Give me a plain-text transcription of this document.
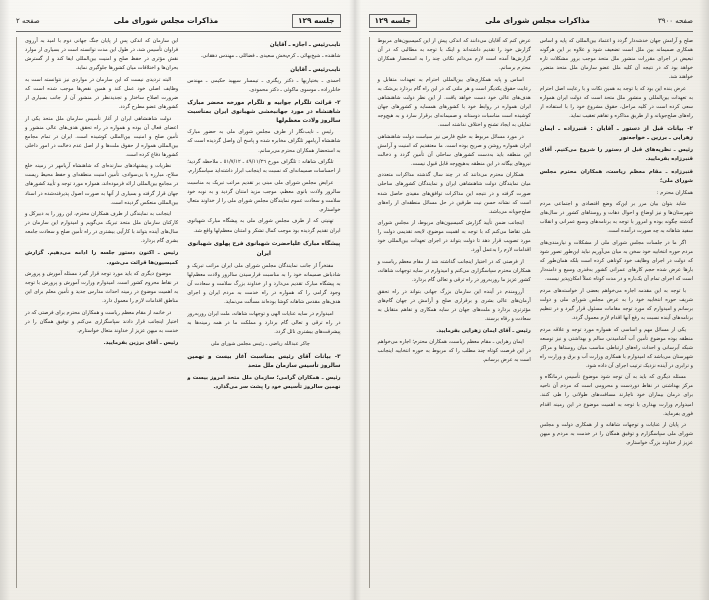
صفحه ٣٩٠٠
مذاکرات مجلس شورای ملی
جلسه ١٢٩

صلح و آرامش جهان خدشه‌دار گردد و اعتماد بین‌المللی که پایه و اساس همکاری صمیمانه بین ملل است تضعیف شود و علاوه بر این هرگونه تبعیض در اجرای مقررات منشور ملل متحد موجب بروز مشکلات تازه خواهد بود که در نتیجه آن کلیه ملل عضو سازمان ملل متحد متضرر خواهند شد.

عرض بنده این بود که با توجه به همین نکات و با رعایت اصل احترام به تعهدات بین‌المللی و منشور ملل متحد است که دولت ایران همواره سعی کرده است در کلیه مراحل، حقوق مشروع خود را با استفاده از راه‌های صلح‌جویانه و از طریق مذاکره و تفاهم تعقیب نماید.

٢- بیانات قبل از دستور ـ آقایان : قنبرزاده ـ ایمان زهرایی ـ برزین ـ خواجه‌نور

رئیس ـ نظریه‌های قبل از دستور را شروع می‌کنیم. آقای قنبرزاده بفرمایید.

قنبرزاده ـ مقام معظم ریاست، همکاران محترم مجلس شورای ملی؛

همکاران محترم :

شاید بتوان بیان مرز بر این‌که وضع اقتصادی و اجتماعی مردم شهرستان‌ها و نیز اوضاع و احوال دهات و روستاهای کشور در سال‌های گذشته چگونه بوده و امروز با توجه به برنامه‌های وسیع عمرانی و انقلاب سفید شاهانه به چه صورت درآمده است.

اگر ما در جلسات مجلس شورای ملی از مشکلات و نیازمندی‌های مردم حوزه انتخابیه خود سخن به میان می‌آوریم نباید این‌طور تصور شود که دولت در اجرای وظایف خود کوتاهی کرده است بلکه همان‌طور که بارها عرض شده حجم کارهای عمرانی کشور به‌قدری وسیع و دامنه‌دار است که اجرای تمام آن یک‌باره و در مدت کوتاه عملاً امکان‌پذیر نیست.

با توجه به این مقدمه اجازه می‌خواهم بعضی از خواسته‌های مردم شریف حوزه انتخابیه خود را به عرض مجلس شورای ملی و دولت برسانم و امیدوارم که مورد توجه مقامات مسئول قرار گیرد و در تنظیم برنامه‌های آینده نسبت به رفع آنها اقدام لازم معمول گردد.

یکی از مسائل مهم و اساسی که همواره مورد توجه و علاقه مردم منطقه بوده موضوع تأمین آب آشامیدنی سالم و بهداشتی و نیز توسعه شبکه آبرسانی و احداث راه‌های ارتباطی مناسب میان روستاها و مراکز شهرستان می‌باشد که امیدوارم با همکاری وزارت آب و برق و وزارت راه و ترابری در آینده نزدیک ترتیب اجرای آن داده شود.

مسئله دیگری که باید به آن توجه شود موضوع تأسیس درمانگاه و مرکز بهداشتی در نقاط دوردست و محرومی است که مردم آن ناحیه برای درمان بیماران خود ناچارند مسافت‌های طولانی را طی کنند. امیدوارم وزارت بهداری با توجه به اهمیت موضوع در این زمینه اقدام فوری بفرماید.

در پایان از عنایات و توجهات شاهانه و از همکاری دولت و مجلس شورای ملی سپاسگزارم و توفیق همگان را در خدمت به مردم و میهن عزیز از خداوند بزرگ خواستارم.

عرض کنم که آقایان می‌دانند که اندکی پیش از این کمیسیون‌های مربوط گزارش خود را تقدیم داشته‌اند و اینک با توجه به مطالبی که در آن گزارش‌ها آمده است لازم می‌دانم نکاتی چند را به استحضار همکاران محترم برسانم.

اساس و پایه همکاری‌های بین‌المللی احترام به تعهدات متقابل و رعایت حقوق یکدیگر است و هر ملتی که در این راه گام بردارد بی‌شک به هدف‌های عالی خود دست خواهد یافت. از این نظر دولت شاهنشاهی ایران همواره در روابط خود با کشورهای همسایه و کشورهای جهان کوشیده است مناسبات دوستانه و صمیمانه‌ای برقرار سازد و به هیچ‌وجه تمایلی به ایجاد تشنج و اختلاف نداشته است.

در مورد مسائل مربوط به خلیج فارس نیز سیاست دولت شاهنشاهی ایران همواره روشن و صریح بوده است. ما معتقدیم که امنیت و آرامش این منطقه باید به‌دست کشورهای ساحلی آن تأمین گردد و دخالت نیروهای بیگانه در این منطقه به‌هیچ‌وجه قابل قبول نیست.

همکاران محترم می‌دانند که در چند سال گذشته مذاکرات متعددی میان نمایندگان دولت شاهنشاهی ایران و نمایندگان کشورهای ساحلی صورت گرفته و در نتیجه این مذاکرات توافق‌های مفیدی حاصل شده است که نشانه حسن نیت طرفین در حل مسائل منطقه‌ای از راه‌های صلح‌جویانه می‌باشد.

اینجانب ضمن تأیید گزارش کمیسیون‌های مربوط، از مجلس شورای ملی تقاضا می‌کنم که با توجه به اهمیت موضوع، لایحه تقدیمی دولت را مورد تصویب قرار دهد تا دولت بتواند در اجرای تعهدات بین‌المللی خود اقدامات لازم را به‌عمل آورد.

از فرصتی که در اختیار اینجانب گذاشته شد از مقام معظم ریاست و همکاران محترم سپاسگزاری می‌کنم و امیدوارم در سایه توجهات شاهانه، کشور عزیز ما روز‌به‌روز در راه ترقی و تعالی گام بردارد.

آرزومندم در آینده این سازمان بزرگ جهانی بتواند در راه تحقق آرمان‌های عالی بشری و برقراری صلح و آرامش در جهان گام‌های مؤثرتری بردارد و ملت‌های جهان در سایه همکاری و تفاهم متقابل به سعادت و رفاه برسند.

رئیس ـ آقای ایمان زهرایی بفرمایید.

ایمان زهرایی ـ مقام معظم ریاست، همکاران محترم؛ اجازه می‌خواهم در این فرصت کوتاه چند مطلب را که مربوط به حوزه انتخابیه اینجانب است به عرض برسانم.

جلسه ١٢٩
مذاکرات مجلس شورای ملی
صفحه ٢

نایب‌رئیس ـ اجازه ـ آقایان

شاهنده ـ شیخ‌بهائی ـ کرم‌بخش سعیدی ـ فضائلی ـ مهندس دهقانی.

نایب‌رئیس ـ آقایان

احمدی ـ بختیاریها ـ دکتر ریگنری ـ تیمسار سپهبد حکیمی ـ مهندس خانلرزاده ـ موسوی ماکوئی ـ دکتر محمودی.

٢- قرائت تلگرام جوابیه و تلگرام مورخه محضر مبارک شاهنشاه در مورد جهانبخشی شهبانوی ایران بمناسبت سالروز ولادت معظم‌لها

رئیس ـ نایب‌نگار از طرف مجلس شورای ملی به حضور مبارک شاهنشاه آریامهر تلگراف مخابره شده و پاسخ آن واصل گردیده است که به استحضار همکاران محترم می‌رسانم.

تلگراف شاهانه : تلگراف مورخ ٤٩/١١/٢٦ ـ ٥١/٧/١٢ ـ ملاحظه گردید؛ از احساسات صمیمانه‌ای که نسبت به اینجانب ابراز داشته‌اید سپاسگزارم.

عرایض مجلس شورای ملی مبنی بر تقدیم مراتب تبریک به مناسبت سالروز ولادت بانوی معظم، موجب مزید امتنان گردید و به نوبه خود سلامت و سعادت عموم نمایندگان مجلس شورای ملی را از خداوند متعال خواستارم.

تهنیتی که از طرف مجلس شورای ملی به پیشگاه مبارک شهبانوی ایران تقدیم گردیده بود موجب کمال تشکر و امتنان معظم‌لها واقع شد.

پیشگاه مبارک علیاحضرت شهبانوی فرح پهلوی شهبانوی ایران

مفتخراً از جانب نمایندگان مجلس شورای ملی ایران مراتب تبریک و شادباش صمیمانه خود را به مناسبت فرارسیدن سالروز ولادت معظم‌لها به پیشگاه مبارک تقدیم می‌دارد و از خداوند بزرگ سلامت و سعادت آن وجود گرامی را که همواره در راه خدمت به مردم ایران و اجرای هدف‌های مقدس شاهانه کوشا بوده‌اند مسألت می‌نماید.

امیدوارم در سایه عنایات الهی و توجهات شاهانه، ملت ایران روز‌به‌روز در راه ترقی و تعالی گام بردارد و مملکت ما در همه زمینه‌ها به پیشرفت‌های بیشتری نائل گردد.

چاکر عبدالله ریاضی ـ رئیس مجلس شورای ملی

٣- بیانات آقای رئیس بمناسبت آغاز بیست و نهمین سالروز تأسیس سازمان ملل متحد

رئیس ـ همکاران گرامی؛ سازمان ملل متحد امروز بیست و نهمین سالروز تأسیس خود را پشت سر می‌گذارد.

این سازمان که اندکی پس از پایان جنگ جهانی دوم با امید به آرزوی فراوان تأسیس شد، در طول این مدت توانسته است در بسیاری از موارد نقش مؤثری در حفظ صلح و امنیت بین‌المللی ایفا کند و از گسترش بحران‌ها و اختلافات میان کشورها جلوگیری نماید.

البته تردیدی نیست که این سازمان در مواردی نیز نتوانسته است به وظایف اصلی خود عمل کند و همین نقص‌ها موجب شده است که ضرورت اصلاح ساختار و تجدیدنظر در منشور آن از جانب بسیاری از کشورهای عضو مطرح گردد.

دولت شاهنشاهی ایران از آغاز تأسیس سازمان ملل متحد یکی از اعضای فعال آن بوده و همواره در راه تحقق هدف‌های عالی منشور و تأمین صلح و امنیت بین‌المللی کوشیده است. ایران در تمام مجامع بین‌المللی همواره از حقوق ملت‌ها و از اصل عدم دخالت در امور داخلی کشورها دفاع کرده است.

نظریات و پیشنهادهای سازنده‌ای که شاهنشاه آریامهر در زمینه خلع سلاح، مبارزه با بی‌سوادی، تأمین امنیت منطقه‌ای و حفظ محیط زیست در مجامع بین‌المللی ارائه فرموده‌اند، همواره مورد توجه و تأیید کشورهای جهان قرار گرفته و بسیاری از آنها به صورت اصول پذیرفته‌شده در اسناد بین‌المللی منعکس گردیده است.

اینجانب به نمایندگی از طرف همکاران محترم، این روز را به دبیرکل و کارکنان سازمان ملل متحد تبریک می‌گویم و امیدوارم این سازمان در سال‌های آینده بتواند با کارآیی بیشتری در راه تأمین صلح و سعادت جامعه بشری گام بردارد.

رئیس ـ اکنون دستور جلسه را ادامه می‌دهیم. گزارش کمیسیون‌ها قرائت می‌شود.

موضوع دیگری که باید مورد توجه قرار گیرد مسئله آموزش و پرورش در نقاط محروم کشور است. امیدوارم وزارت آموزش و پرورش با توجه به اهمیت موضوع در زمینه احداث مدارس جدید و تأمین معلم برای این مناطق اقدامات لازم را معمول دارد.

در خاتمه از مقام معظم ریاست و همکاران محترم برای فرصتی که در اختیار اینجانب قرار دادند سپاسگزاری می‌کنم و توفیق همگان را در خدمت به میهن عزیز از خداوند متعال خواستارم.

رئیس ـ آقای برزین بفرمایید.
